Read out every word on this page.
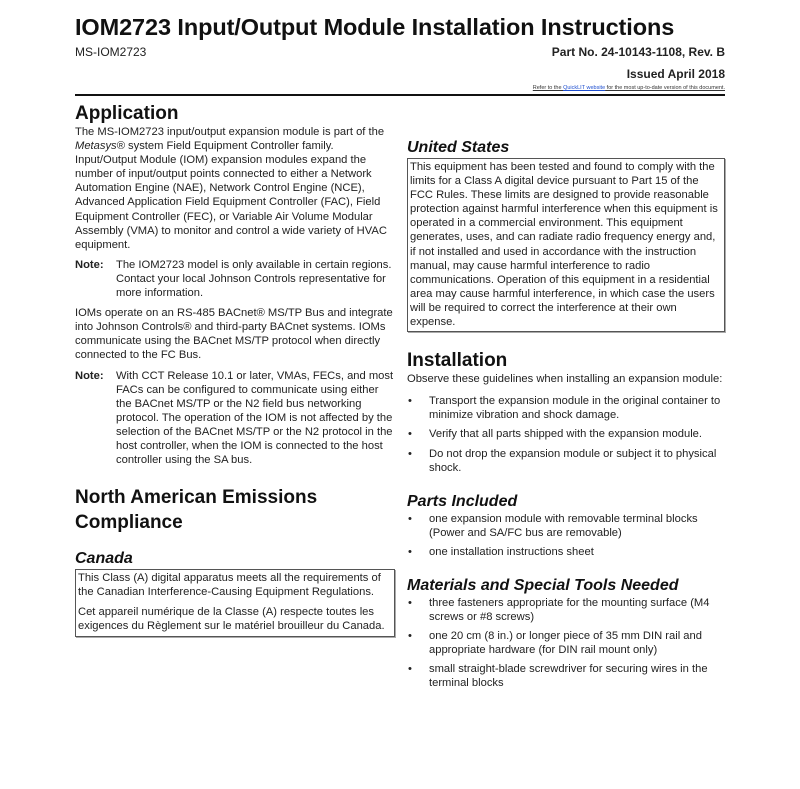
IOM2723 Input/Output Module Installation Instructions
MS-IOM2723	Part No. 24-10143-1108, Rev. B
Issued April 2018
Refer to the QuickLIT website for the most up-to-date version of this document.
Application

The MS-IOM2723 input/output expansion module is part of the Metasys® system Field Equipment Controller family. Input/Output Module (IOM) expansion modules expand the number of input/output points connected to either a Network Automation Engine (NAE), Network Control Engine (NCE), Advanced Application Field Equipment Controller (FAC), Field Equipment Controller (FEC), or Variable Air Volume Modular Assembly (VMA) to monitor and control a wide variety of HVAC equipment.

Note:	The IOM2723 model is only available in certain regions. Contact your local Johnson Controls representative for more information.

IOMs operate on an RS-485 BACnet® MS/TP Bus and integrate into Johnson Controls® and third-party BACnet systems. IOMs communicate using the BACnet MS/TP protocol when directly connected to the FC Bus.

Note:	With CCT Release 10.1 or later, VMAs, FECs, and most FACs can be configured to communicate using either the BACnet MS/TP or the N2 field bus networking protocol. The operation of the IOM is not affected by the selection of the BACnet MS/TP or the N2 protocol in the host controller, when the IOM is connected to the host controller using the SA bus.
North American Emissions Compliance
Canada

This Class (A) digital apparatus meets all the requirements of the Canadian Interference-Causing Equipment Regulations.

Cet appareil numérique de la Classe (A) respecte toutes les exigences du Règlement sur le matériel brouilleur du Canada.

United States

This equipment has been tested and found to comply with the limits for a Class A digital device pursuant to Part 15 of the FCC Rules. These limits are designed to provide reasonable protection against harmful interference when this equipment is operated in a commercial environment. This equipment generates, uses, and can radiate radio frequency energy and, if not installed and used in accordance with the instruction manual, may cause harmful interference to radio communications. Operation of this equipment in a residential area may cause harmful interference, in which case the users will be required to correct the interference at their own expense.

Installation

Observe these guidelines when installing an expansion module:

•	Transport the expansion module in the original container to minimize vibration and shock damage.
•	Verify that all parts shipped with the expansion module.
•	Do not drop the expansion module or subject it to physical shock.
Parts Included
•	one expansion module with removable terminal blocks (Power and SA/FC bus are removable)
•	one installation instructions sheet
Materials and Special Tools Needed
•	three fasteners appropriate for the mounting surface (M4 screws or #8 screws)
•	one 20 cm (8 in.) or longer piece of 35 mm DIN rail and appropriate hardware (for DIN rail mount only)
•	small straight-blade screwdriver for securing wires in the terminal blocks
